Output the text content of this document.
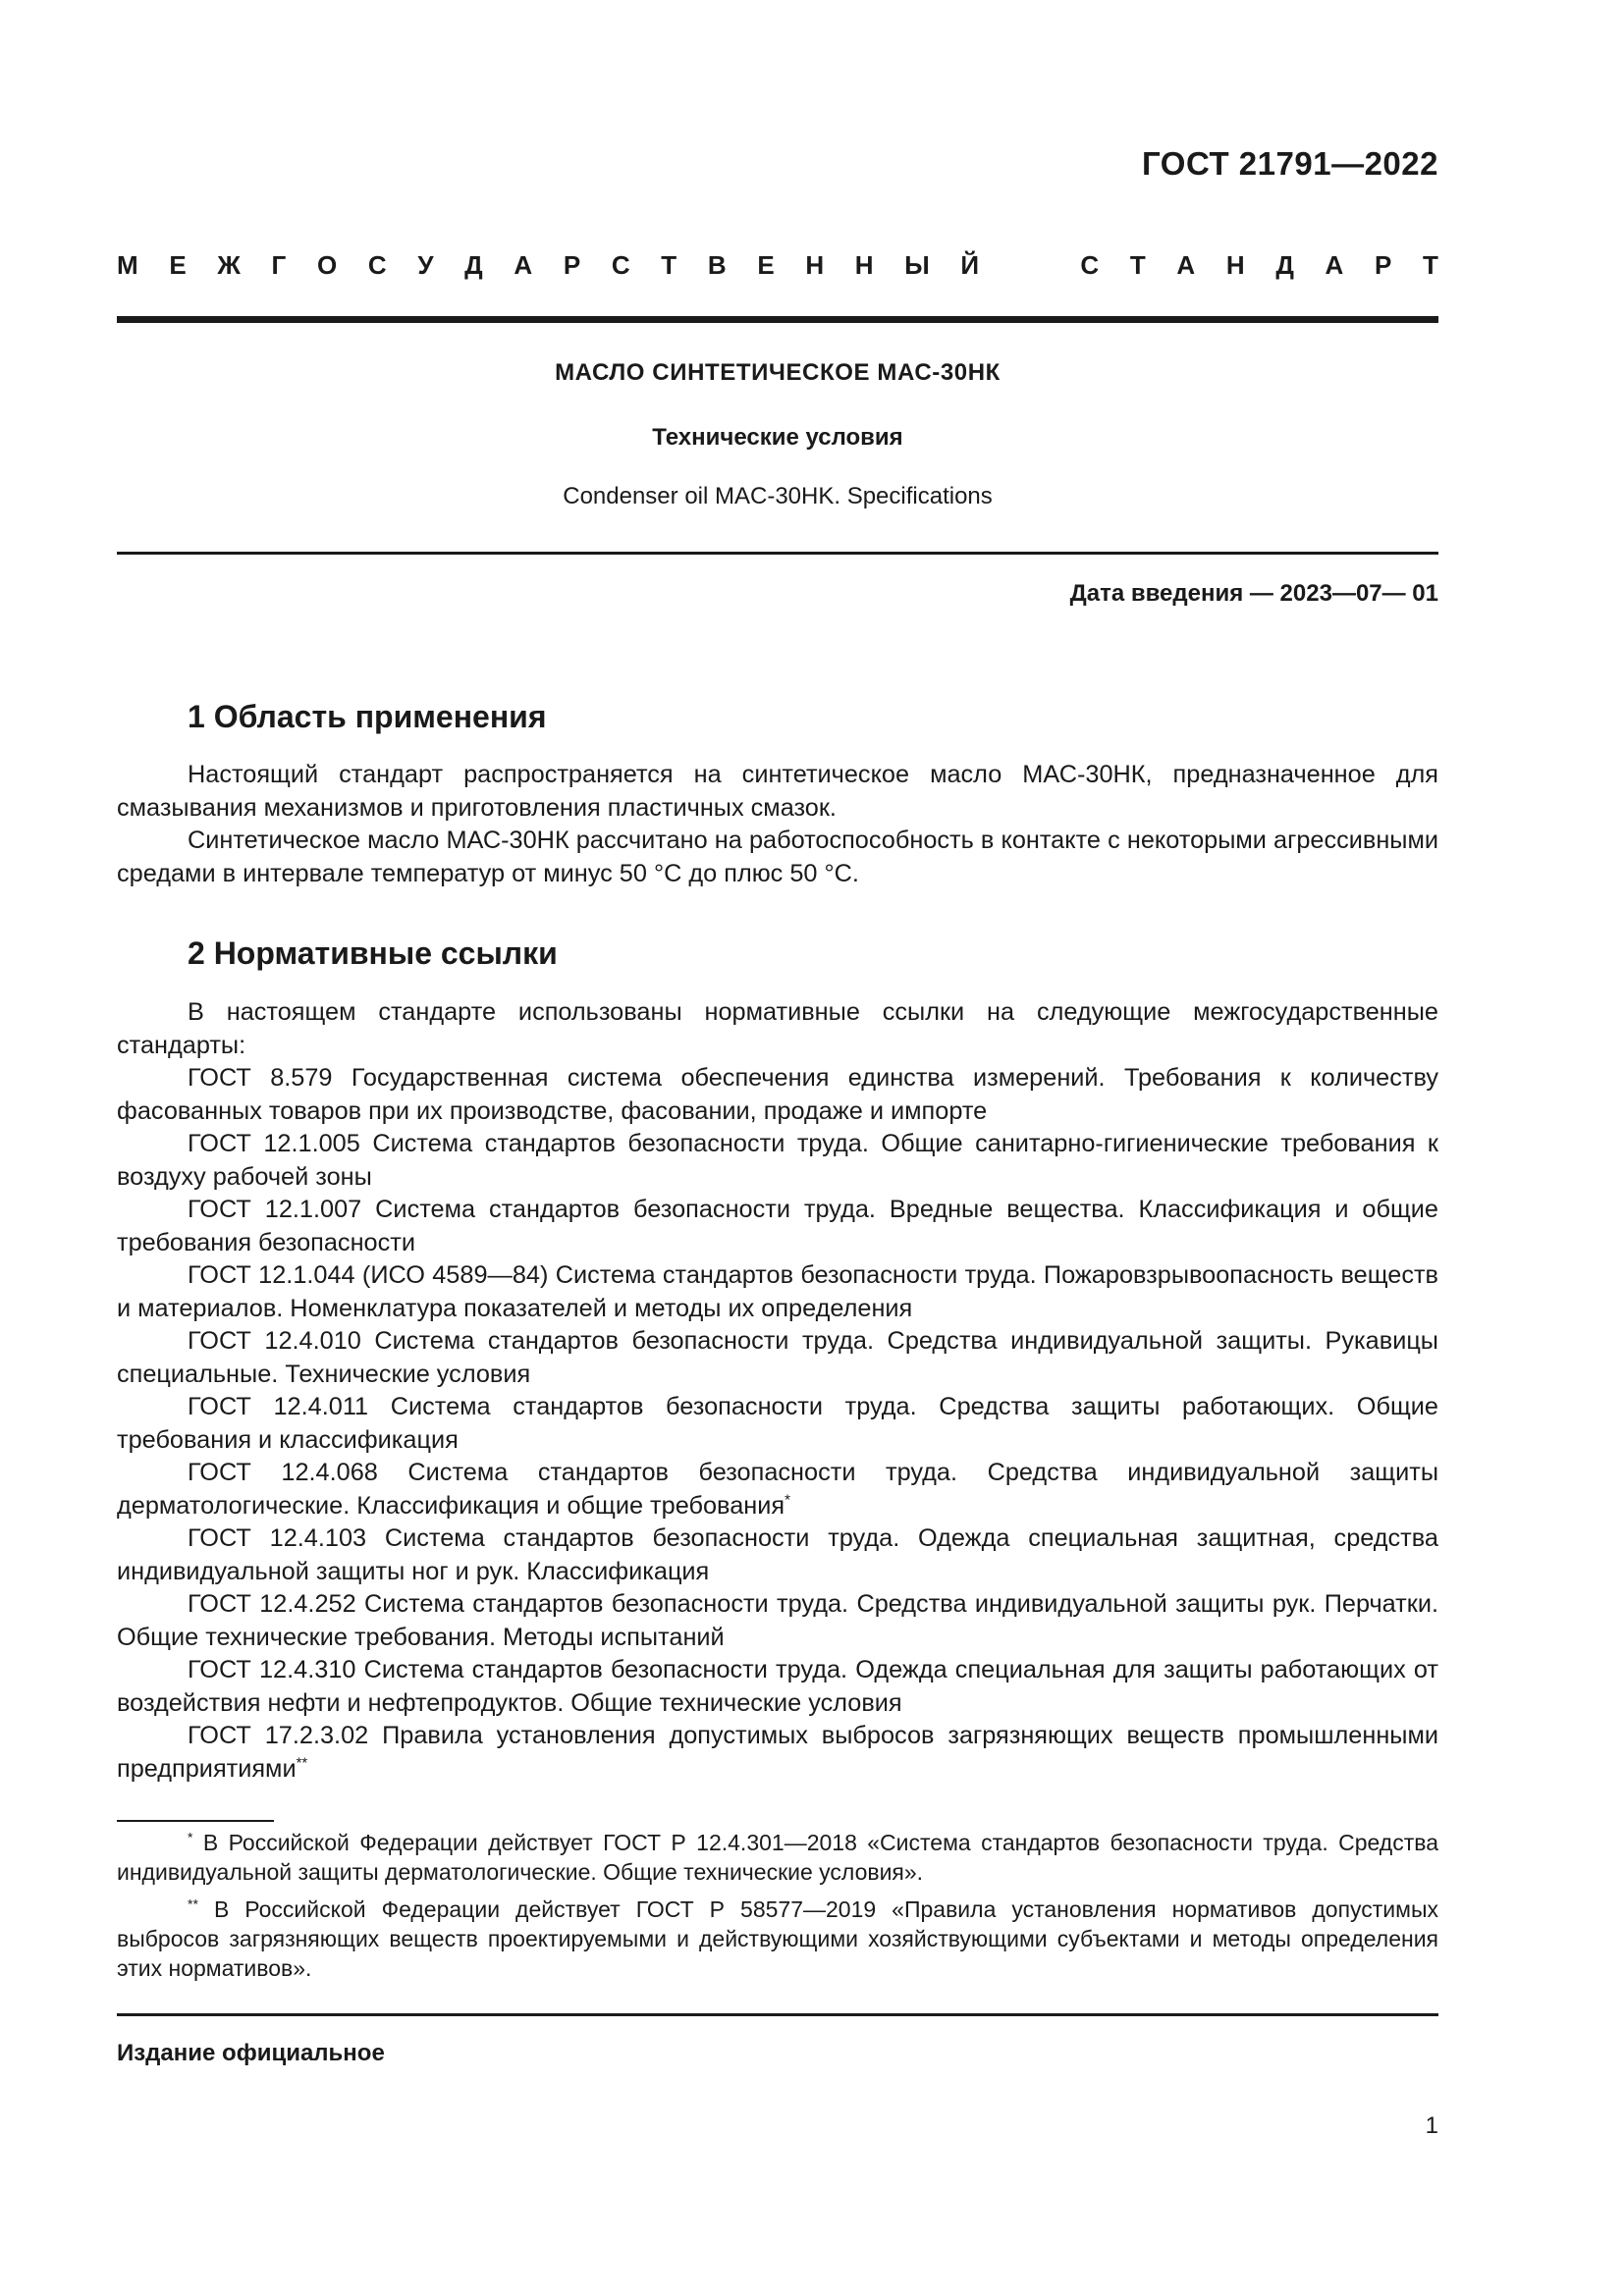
ГОСТ 21791—2022
М Е Ж Г О С У Д А Р С Т В Е Н Н Ы Й	С Т А Н Д А Р Т
МАСЛО СИНТЕТИЧЕСКОЕ МАС-30НК
Технические условия
Condenser oil MAC-30HK. Specifications
Дата введения — 2023—07— 01
1 Область применения

Настоящий стандарт распространяется на синтетическое масло МАС-30НК, предназначенное для смазывания механизмов и приготовления пластичных смазок.

Синтетическое масло МАС-30НК рассчитано на работоспособность в контакте с некоторыми агрессивными средами в интервале температур от минус 50 °С до плюс 50 °С.

2 Нормативные ссылки

В настоящем стандарте использованы нормативные ссылки на следующие межгосударственные стандарты:

ГОСТ 8.579 Государственная система обеспечения единства измерений. Требования к количеству фасованных товаров при их производстве, фасовании, продаже и импорте

ГОСТ 12.1.005 Система стандартов безопасности труда. Общие санитарно-гигиенические требования к воздуху рабочей зоны

ГОСТ 12.1.007 Система стандартов безопасности труда. Вредные вещества. Классификация и общие требования безопасности

ГОСТ 12.1.044 (ИСО 4589—84) Система стандартов безопасности труда. Пожаровзрывоопасность веществ и материалов. Номенклатура показателей и методы их определения

ГОСТ 12.4.010 Система стандартов безопасности труда. Средства индивидуальной защиты. Рукавицы специальные. Технические условия

ГОСТ 12.4.011 Система стандартов безопасности труда. Средства защиты работающих. Общие требования и классификация

ГОСТ 12.4.068 Система стандартов безопасности труда. Средства индивидуальной защиты дерматологические. Классификация и общие требования*

ГОСТ 12.4.103 Система стандартов безопасности труда. Одежда специальная защитная, средства индивидуальной защиты ног и рук. Классификация

ГОСТ 12.4.252 Система стандартов безопасности труда. Средства индивидуальной защиты рук. Перчатки. Общие технические требования. Методы испытаний

ГОСТ 12.4.310 Система стандартов безопасности труда. Одежда специальная для защиты работающих от воздействия нефти и нефтепродуктов. Общие технические условия

ГОСТ 17.2.3.02 Правила установления допустимых выбросов загрязняющих веществ промышленными предприятиями**

* В Российской Федерации действует ГОСТ Р 12.4.301—2018 «Система стандартов безопасности труда. Средства индивидуальной защиты дерматологические. Общие технические условия».

** В Российской Федерации действует ГОСТ Р 58577—2019 «Правила установления нормативов допустимых выбросов загрязняющих веществ проектируемыми и действующими хозяйствующими субъектами и методы определения этих нормативов».

Издание официальное
1
